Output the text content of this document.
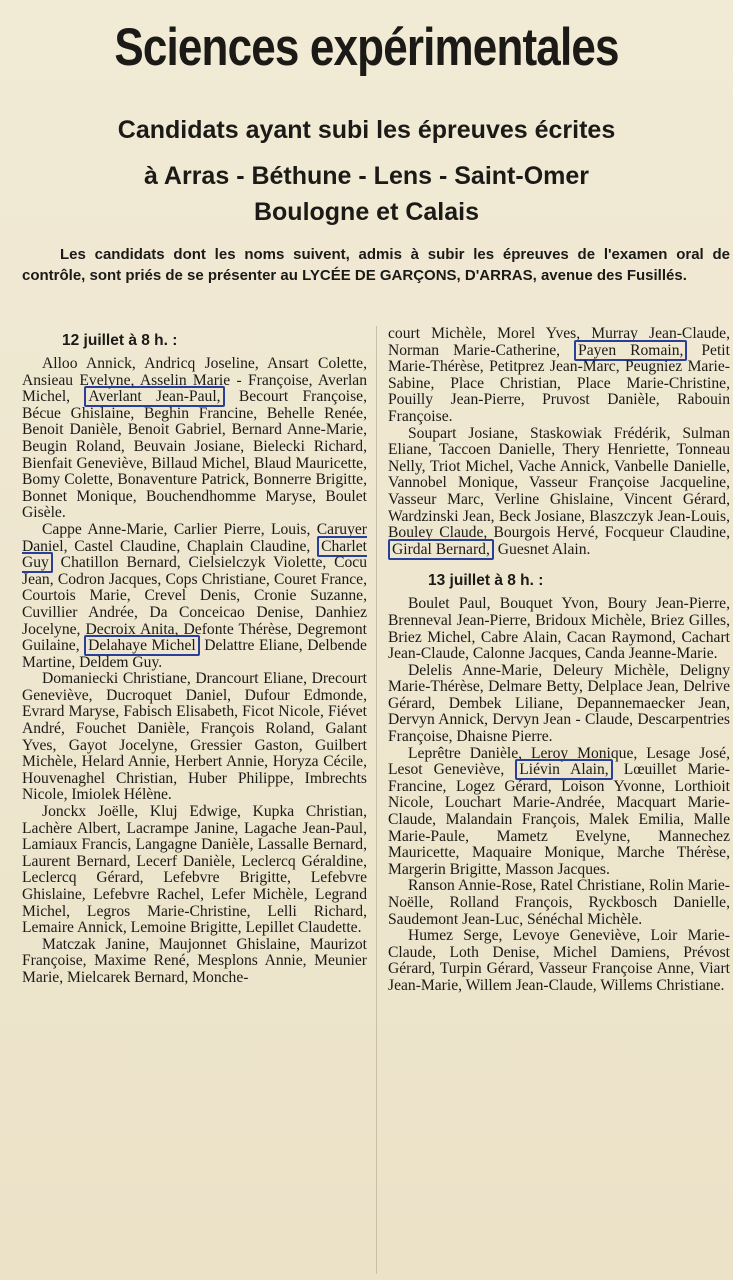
Sciences expérimentales
Candidats ayant subi les épreuves écrites
à Arras - Béthune - Lens - Saint-Omer
Boulogne et Calais

Les candidats dont les noms suivent, admis à subir les épreuves de l'examen oral de contrôle, sont priés de se présenter au LYCÉE DE GARÇONS, D'ARRAS, avenue des Fusillés.

12 juillet à 8 h. :

Alloo Annick, Andricq Joseline, Ansart Colette, Ansieau Evelyne, Asselin Marie - Françoise, Averlan Michel, Averlant Jean-Paul, Becourt Françoise, Bécue Ghislaine, Beghin Francine, Behelle Renée, Benoit Danièle, Benoit Gabriel, Bernard Anne-Marie, Beugin Roland, Beuvain Josiane, Bielecki Richard, Bienfait Geneviève, Billaud Michel, Blaud Mauricette, Bomy Colette, Bonaventure Patrick, Bonnerre Brigitte, Bonnet Monique, Bouchendhomme Maryse, Boulet Gisèle.

Cappe Anne-Marie, Carlier Pierre, Louis, Caruyer Daniel, Castel Claudine, Chaplain Claudine, Charlet Guy Chatillon Bernard, Cielsielczyk Violette, Cocu Jean, Codron Jacques, Cops Christiane, Couret France, Courtois Marie, Crevel Denis, Cronie Suzanne, Cuvillier Andrée, Da Conceicao Denise, Danhiez Jocelyne, Decroix Anita, Defonte Thérèse, Degremont Guilaine, Delahaye Michel Delattre Eliane, Delbende Martine, Deldem Guy.

Domaniecki Christiane, Drancourt Eliane, Drecourt Geneviève, Ducroquet Daniel, Dufour Edmonde, Evrard Maryse, Fabisch Elisabeth, Ficot Nicole, Fiévet André, Fouchet Danièle, François Roland, Galant Yves, Gayot Jocelyne, Gressier Gaston, Guilbert Michèle, Helard Annie, Herbert Annie, Horyza Cécile, Houvenaghel Christian, Huber Philippe, Imbrechts Nicole, Imiolek Hélène.

Jonckx Joëlle, Kluj Edwige, Kupka Christian, Lachère Albert, Lacrampe Janine, Lagache Jean-Paul, Lamiaux Francis, Langagne Danièle, Lassalle Bernard, Laurent Bernard, Lecerf Danièle, Leclercq Géraldine, Leclercq Gérard, Lefebvre Brigitte, Lefebvre Ghislaine, Lefebvre Rachel, Lefer Michèle, Legrand Michel, Legros Marie-Christine, Lelli Richard, Lemaire Annick, Lemoine Brigitte, Lepillet Claudette.

Matczak Janine, Maujonnet Ghislaine, Maurizot Françoise, Maxime René, Mesplons Annie, Meunier Marie, Mielcarek Bernard, Monche-

court Michèle, Morel Yves, Murray Jean-Claude, Norman Marie-Catherine, Payen Romain, Petit Marie-Thérèse, Petitprez Jean-Marc, Peugniez Marie-Sabine, Place Christian, Place Marie-Christine, Pouilly Jean-Pierre, Pruvost Danièle, Rabouin Françoise.

Soupart Josiane, Staskowiak Frédérik, Sulman Eliane, Taccoen Danielle, Thery Henriette, Tonneau Nelly, Triot Michel, Vache Annick, Vanbelle Danielle, Vannobel Monique, Vasseur Françoise Jacqueline, Vasseur Marc, Verline Ghislaine, Vincent Gérard, Wardzinski Jean, Beck Josiane, Blaszczyk Jean-Louis, Bouley Claude, Bourgois Hervé, Focqueur Claudine, Girdal Bernard, Guesnet Alain.

13 juillet à 8 h. :

Boulet Paul, Bouquet Yvon, Boury Jean-Pierre, Brenneval Jean-Pierre, Bridoux Michèle, Briez Gilles, Briez Michel, Cabre Alain, Cacan Raymond, Cachart Jean-Claude, Calonne Jacques, Canda Jeanne-Marie.

Delelis Anne-Marie, Deleury Michèle, Deligny Marie-Thérèse, Delmare Betty, Delplace Jean, Delrive Gérard, Dembek Liliane, Depannemaecker Jean, Dervyn Annick, Dervyn Jean - Claude, Descarpentries Françoise, Dhaisne Pierre.

Leprêtre Danièle, Leroy Monique, Lesage José, Lesot Geneviève, Liévin Alain, Lœuillet Marie-Francine, Logez Gérard, Loison Yvonne, Lorthioit Nicole, Louchart Marie-Andrée, Macquart Marie-Claude, Malandain François, Malek Emilia, Malle Marie-Paule, Mametz Evelyne, Mannechez Mauricette, Maquaire Monique, Marche Thérèse, Margerin Brigitte, Masson Jacques.

Ranson Annie-Rose, Ratel Christiane, Rolin Marie-Noëlle, Rolland François, Ryckbosch Danielle, Saudemont Jean-Luc, Sénéchal Michèle.

Humez Serge, Levoye Geneviève, Loir Marie-Claude, Loth Denise, Michel Damiens, Prévost Gérard, Turpin Gérard, Vasseur Françoise Anne, Viart Jean-Marie, Willem Jean-Claude, Willems Christiane.
